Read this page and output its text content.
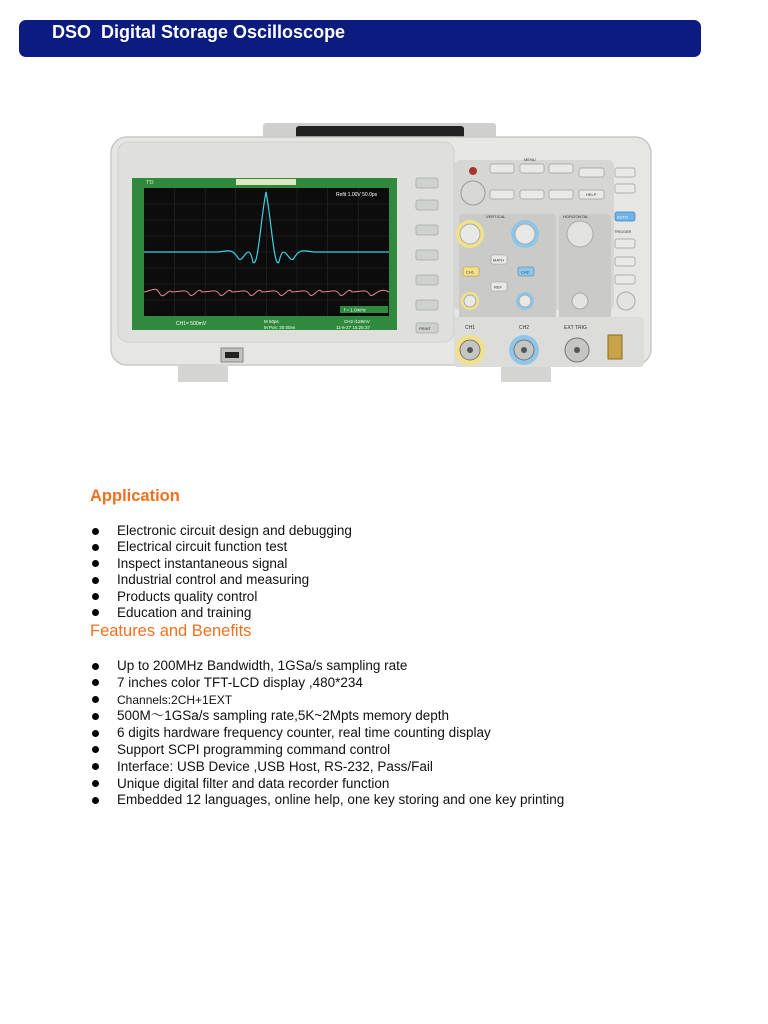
DSO  Digital Storage Oscilloscope
T'D
Refit 1.00V 50.0ps
f = 1.0mHz
CH1= 500mV	M 50ps
M Pos: 20.00ns
CH2 /128mV
11-6-27 15:25:37	PRINT
AUTO
HELP
MENU
VERTICAL	HORIZONTAL
TRIGGER
CH1	CH2
MATH
REF
CH1	CH2	EXT TRIG
Application
Electronic circuit design and debugging
Electrical circuit function test
Inspect instantaneous signal
Industrial control and measuring
Products quality control
Education and training
Features and Benefits
Up to 200MHz Bandwidth, 1GSa/s sampling rate
7 inches color TFT-LCD display ,480*234
Channels:2CH+1EXT
500M～1GSa/s sampling rate,5K~2Mpts memory depth
6 digits hardware frequency counter, real time counting display
Support SCPI programming command control
Interface: USB Device ,USB Host, RS-232, Pass/Fail
Unique digital filter and data recorder function
Embedded 12 languages, online help, one key storing and one key printing
